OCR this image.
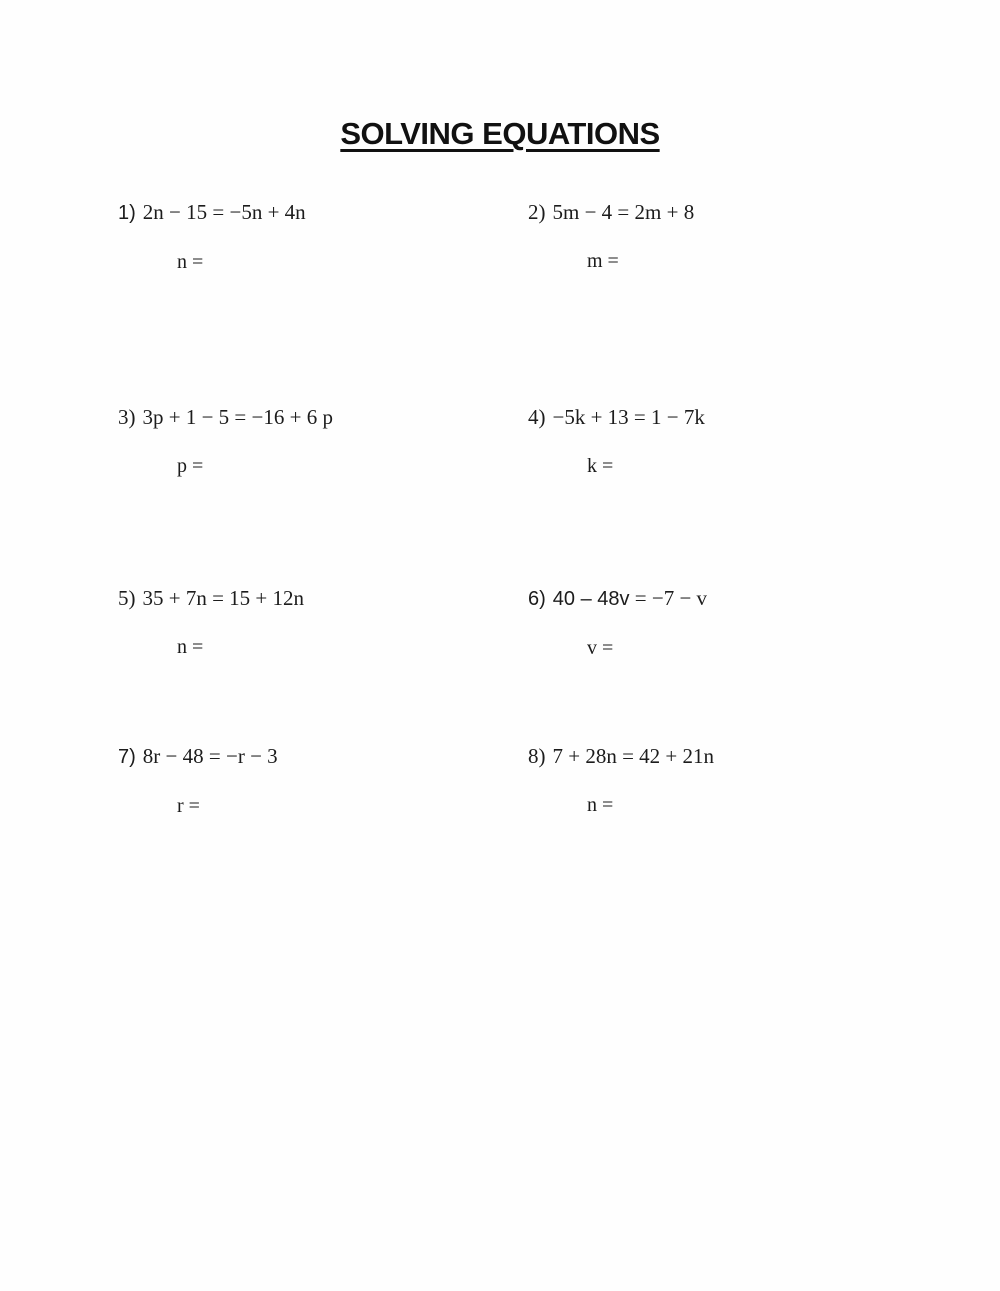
SOLVING EQUATIONS
1) 2n − 15 = −5n + 4n
n =
2) 5m − 4 = 2m + 8
m =
3) 3p + 1 − 5 = −16 + 6 p
p =
4) −5k + 13 = 1 − 7k
k =
5) 35 + 7n = 15 + 12n
n =
6) 40 – 48v = −7 − v
v =
7) 8r − 48 = −r − 3
r =
8) 7 + 28n = 42 + 21n
n =
